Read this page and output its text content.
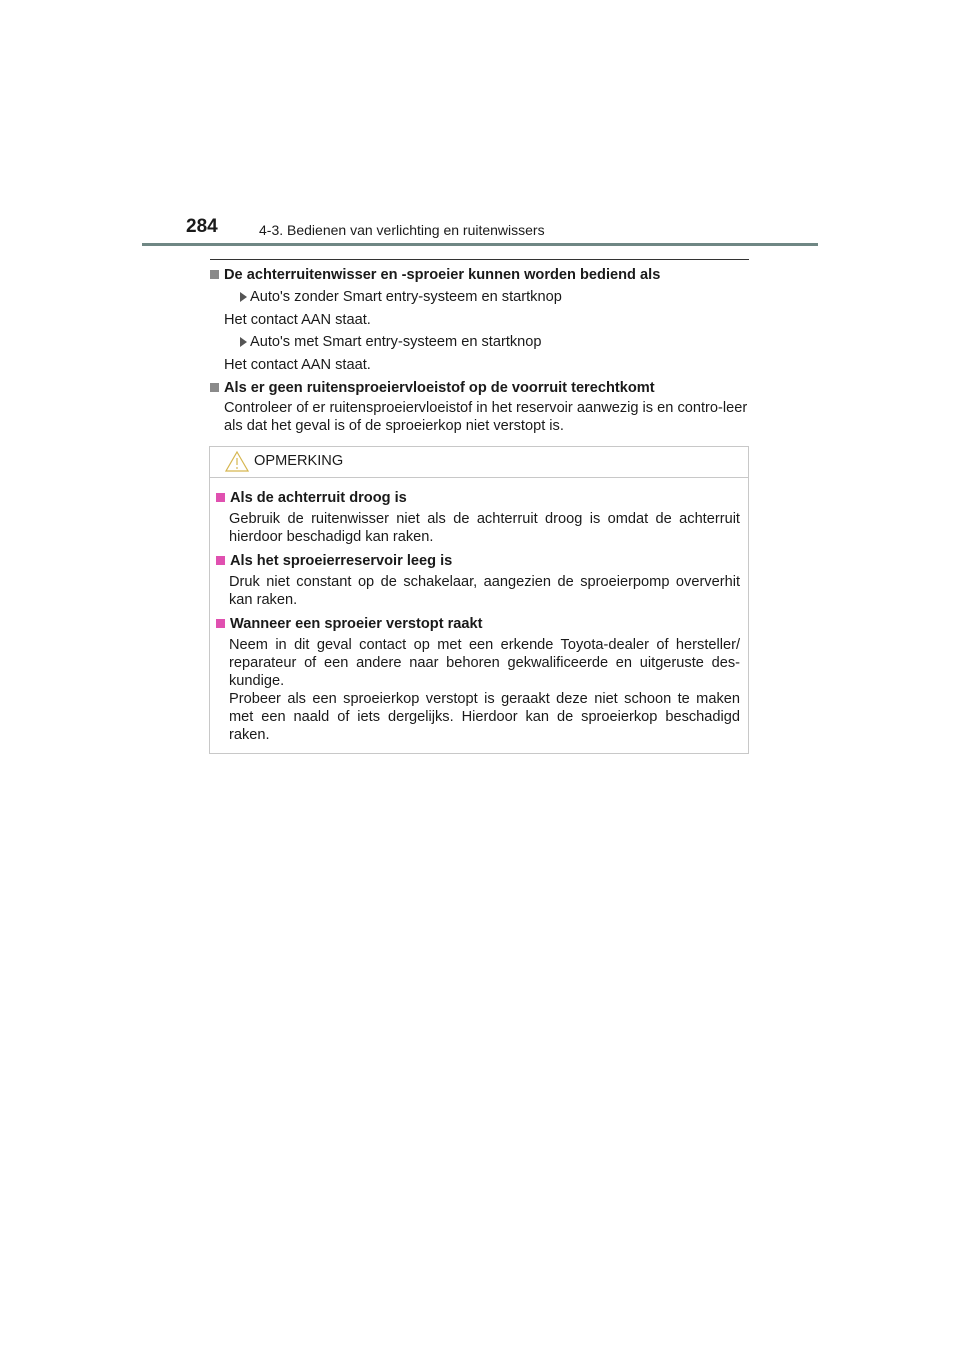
284	4-3. Bedienen van verlichting en ruitenwissers
De achterruitenwisser en -sproeier kunnen worden bediend als
Auto's zonder Smart entry-systeem en startknop
Het contact AAN staat.
Auto's met Smart entry-systeem en startknop
Het contact AAN staat.
Als er geen ruitensproeiervloeistof op de voorruit terechtkomt
Controleer of er ruitensproeiervloeistof in het reservoir aanwezig is en contro-leer als dat het geval is of de sproeierkop niet verstopt is.
OPMERKING
Als de achterruit droog is
Gebruik de ruitenwisser niet als de achterruit droog is omdat de achterruit hierdoor beschadigd kan raken.
Als het sproeierreservoir leeg is
Druk niet constant op de schakelaar, aangezien de sproeierpomp oververhit kan raken.
Wanneer een sproeier verstopt raakt
Neem in dit geval contact op met een erkende Toyota-dealer of hersteller/ reparateur of een andere naar behoren gekwalificeerde en uitgeruste des-kundige.
Probeer als een sproeierkop verstopt is geraakt deze niet schoon te maken met een naald of iets dergelijks. Hierdoor kan de sproeierkop beschadigd raken.
